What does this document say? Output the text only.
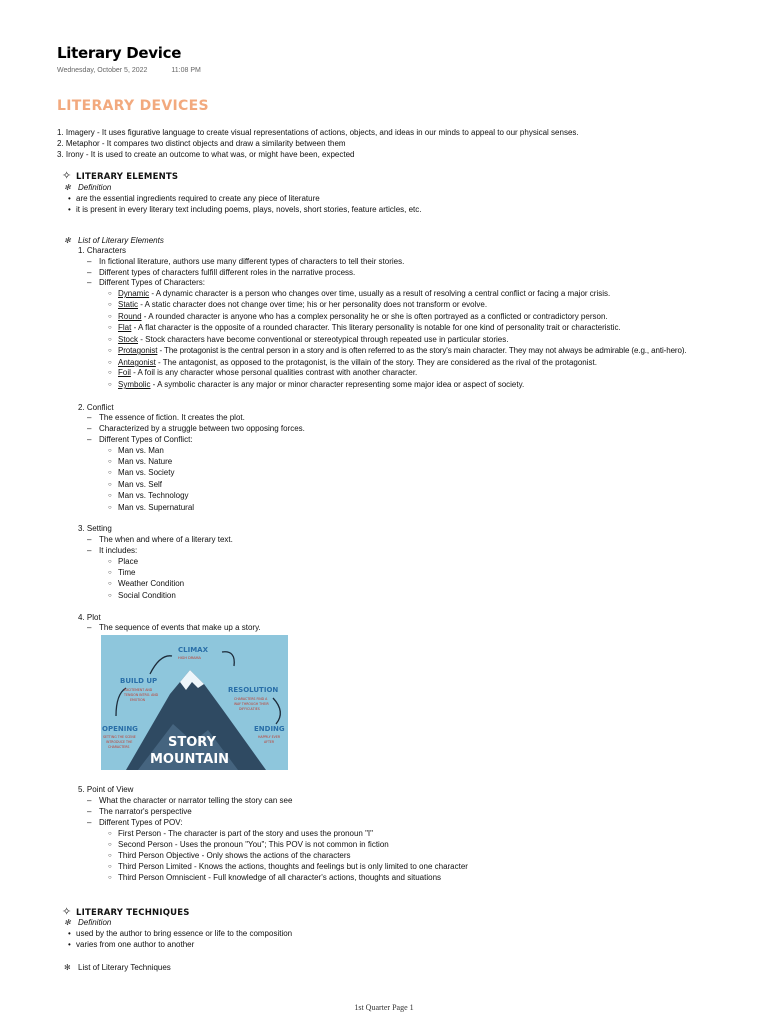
Literary Device
Wednesday, October 5, 2022	11:08 PM
LITERARY DEVICES
1. Imagery - It uses figurative language to create visual representations of actions, objects, and ideas in our minds to appeal to our physical senses.
2. Metaphor - It compares two distinct objects and draw a similarity between them
3. Irony - It is used to create an outcome to what was, or might have been, expected
✧ LITERARY ELEMENTS
✻ Definition
• are the essential ingredients required to create any piece of literature
• it is present in every literary text including poems, plays, novels, short stories, feature articles, etc.
✻ List of Literary Elements
1. Characters
– In fictional literature, authors use many different types of characters to tell their stories.
– Different types of characters fulfill different roles in the narrative process.
– Different Types of Characters:
○ Dynamic - A dynamic character is a person who changes over time, usually as a result of resolving a central conflict or facing a major crisis.
○ Static - A static character does not change over time; his or her personality does not transform or evolve.
○ Round - A rounded character is anyone who has a complex personality he or she is often portrayed as a conflicted or contradictory person.
○ Flat - A flat character is the opposite of a rounded character. This literary personality is notable for one kind of personality trait or characteristic.
○ Stock - Stock characters have become conventional or stereotypical through repeated use in particular stories.
○ Protagonist - The protagonist is the central person in a story and is often referred to as the story's main character. They may not always be admirable (e.g., anti-hero).
○ Antagonist - The antagonist, as opposed to the protagonist, is the villain of the story. They are considered as the rival of the protagonist.
○ Foil - A foil is any character whose personal qualities contrast with another character.
○ Symbolic - A symbolic character is any major or minor character representing some major idea or aspect of society.
2. Conflict
– The essence of fiction. It creates the plot.
– Characterized by a struggle between two opposing forces.
– Different Types of Conflict:
○ Man vs. Man
○ Man vs. Nature
○ Man vs. Society
○ Man vs. Self
○ Man vs. Technology
○ Man vs. Supernatural
3. Setting
– The when and where of a literary text.
– It includes:
○ Place
○ Time
○ Weather Condition
○ Social Condition
4. Plot
– The sequence of events that make up a story.
CLIMAX
HIGH DRAMA
BUILD UP
EXCITEMENT AND
TENSION INTRO. AND
EMOTION
RESOLUTION
CHARACTERS FIND A
WAY THROUGH THEIR
DIFFICULTIES
OPENING
SETTING THE SCENE
INTRODUCE THE
CHARACTERS
ENDING
HAPPILY EVER
AFTER
STORY
MOUNTAIN
5. Point of View
– What the character or narrator telling the story can see
– The narrator's perspective
– Different Types of POV:
○ First Person - The character is part of the story and uses the pronoun "I"
○ Second Person - Uses the pronoun "You"; This POV is not common in fiction
○ Third Person Objective - Only shows the actions of the characters
○ Third Person Limited - Knows the actions, thoughts and feelings but is only limited to one character
○ Third Person Omniscient - Full knowledge of all character's actions, thoughts and situations
✧ LITERARY TECHNIQUES
✻ Definition
• used by the author to bring essence or life to the composition
• varies from one author to another
✻ List of Literary Techniques
1st Quarter Page 1
